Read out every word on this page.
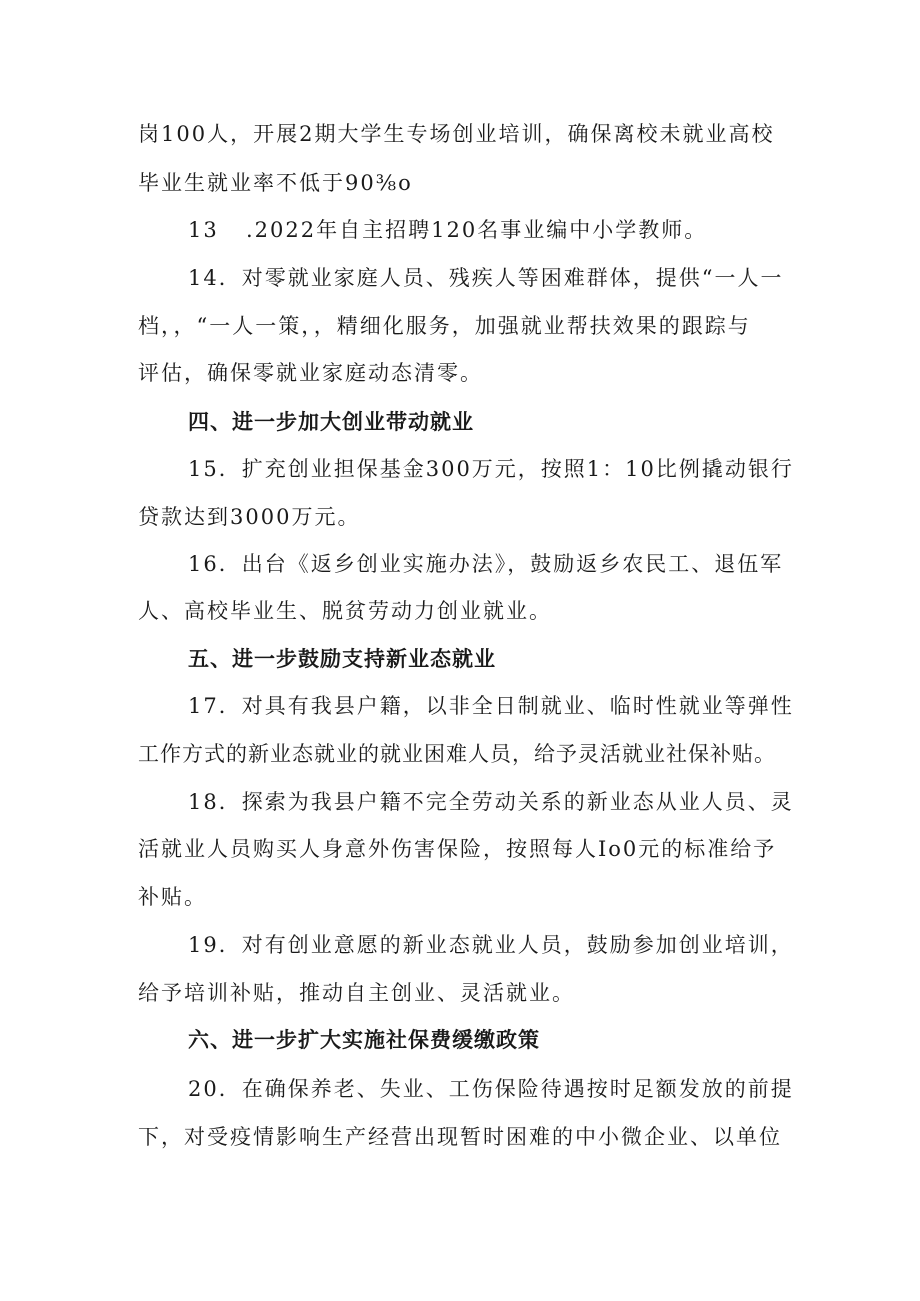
岗100人，开展2期大学生专场创业培训，确保离校未就业高校
毕业生就业率不低于90⅜o
13 .2022年自主招聘120名事业编中小学教师。
14．对零就业家庭人员、残疾人等困难群体，提供“一人一
档，，“一人一策，，精细化服务，加强就业帮扶效果的跟踪与
评估，确保零就业家庭动态清零。
四、进一步加大创业带动就业
15．扩充创业担保基金300万元，按照1：10比例撬动银行
贷款达到3000万元。
16．出台《返乡创业实施办法》，鼓励返乡农民工、退伍军
人、高校毕业生、脱贫劳动力创业就业。
五、进一步鼓励支持新业态就业
17．对具有我县户籍，以非全日制就业、临时性就业等弹性
工作方式的新业态就业的就业困难人员，给予灵活就业社保补贴。
18．探索为我县户籍不完全劳动关系的新业态从业人员、灵
活就业人员购买人身意外伤害保险，按照每人Io0元的标准给予
补贴。
19．对有创业意愿的新业态就业人员，鼓励参加创业培训，
给予培训补贴，推动自主创业、灵活就业。
六、进一步扩大实施社保费缓缴政策
20．在确保养老、失业、工伤保险待遇按时足额发放的前提
下，对受疫情影响生产经营出现暂时困难的中小微企业、以单位
